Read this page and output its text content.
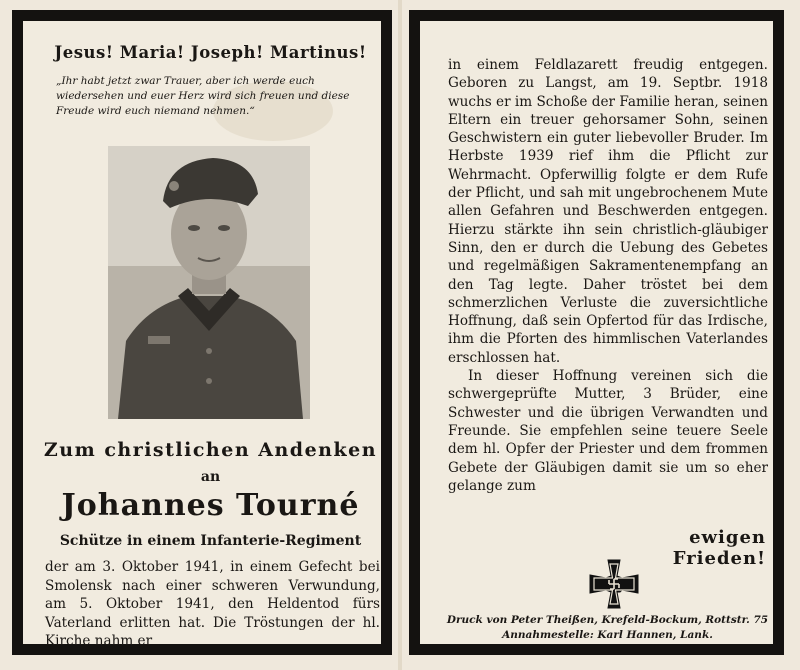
Jesus! Maria! Joseph! Martinus!
„Ihr habt jetzt zwar Trauer, aber ich werde euch wiedersehen und euer Herz wird sich freuen und diese Freude wird euch niemand nehmen.“
Zum christlichen Andenken
an
Johannes Tourné
Schütze in einem Infanterie-Regiment
der am 3. Oktober 1941, in einem Gefecht bei Smolensk nach einer schweren Verwundung, am 5. Oktober 1941, den Heldentod fürs Vaterland erlitten hat. Die Tröstungen der hl. Kirche nahm er

in einem Feldlazarett freudig entgegen. Geboren zu Langst, am 19. Septbr. 1918 wuchs er im Schoße der Familie heran, seinen Eltern ein treuer gehorsamer Sohn, seinen Geschwistern ein guter liebevoller Bruder. Im Herbste 1939 rief ihm die Pflicht zur Wehrmacht. Opferwillig folgte er dem Rufe der Pflicht, und sah mit ungebrochenem Mute allen Gefahren und Beschwerden entgegen. Hierzu stärkte ihn sein christlich-gläubiger Sinn, den er durch die Uebung des Gebetes und regelmäßigen Sakramentenempfang an den Tag legte. Daher tröstet bei dem schmerzlichen Verluste die zuversichtliche Hoffnung, daß sein Opfertod für das Irdische, ihm die Pforten des himmlischen Vaterlandes erschlossen hat.

In dieser Hoffnung vereinen sich die schwergeprüfte Mutter, 3 Brüder, eine Schwester und die übrigen Verwandten und Freunde. Sie empfehlen seine teuere Seele dem hl. Opfer der Priester und dem frommen Gebete der Gläubigen damit sie um so eher gelange zum

ewigen Frieden!
Druck von Peter Theißen, Krefeld-Bockum, Rottstr. 75
Annahmestelle: Karl Hannen, Lank.
